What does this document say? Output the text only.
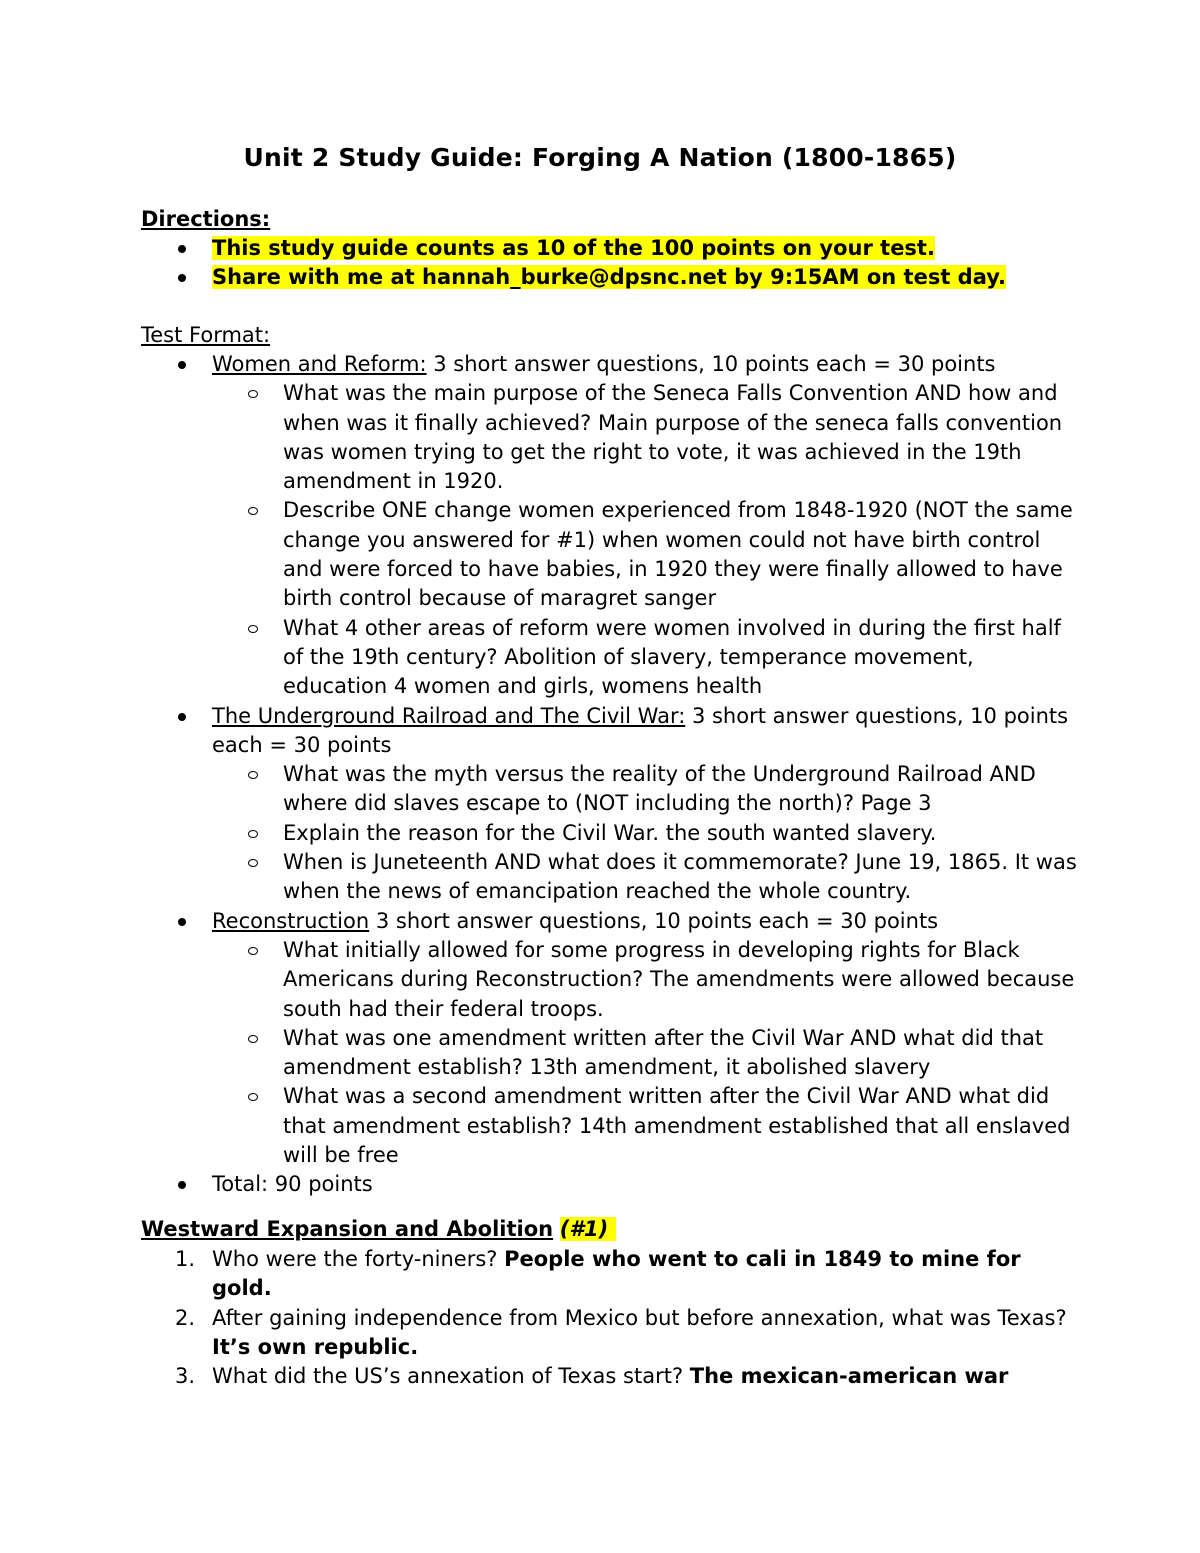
Unit 2 Study Guide: Forging A Nation (1800-1865)
Directions:
This study guide counts as 10 of the 100 points on your test.
Share with me at hannah_burke@dpsnc.net by 9:15AM on test day.
Test Format:
Women and Reform: 3 short answer questions, 10 points each = 30 points
What was the main purpose of the Seneca Falls Convention AND how and when was it finally achieved? Main purpose of the seneca falls convention was women trying to get the right to vote, it was achieved in the 19th amendment in 1920.
Describe ONE change women experienced from 1848-1920 (NOT the same change you answered for #1) when women could not have birth control and were forced to have babies, in 1920 they were finally allowed to have birth control because of maragret sanger
What 4 other areas of reform were women involved in during the first half of the 19th century? Abolition of slavery, temperance movement, education 4 women and girls, womens health
The Underground Railroad and The Civil War: 3 short answer questions, 10 points each = 30 points
What was the myth versus the reality of the Underground Railroad AND where did slaves escape to (NOT including the north)? Page 3
Explain the reason for the Civil War. the south wanted slavery.
When is Juneteenth AND what does it commemorate? June 19, 1865. It was when the news of emancipation reached the whole country.
Reconstruction 3 short answer questions, 10 points each = 30 points
What initially allowed for some progress in developing rights for Black Americans during Reconstruction? The amendments were allowed because south had their federal troops.
What was one amendment written after the Civil War AND what did that amendment establish? 13th amendment, it abolished slavery
What was a second amendment written after the Civil War AND what did that amendment establish? 14th amendment established that all enslaved will be free
Total: 90 points
Westward Expansion and Abolition (#1)
1. Who were the forty-niners? People who went to cali in 1849 to mine for gold.
2. After gaining independence from Mexico but before annexation, what was Texas? It’s own republic.
3. What did the US’s annexation of Texas start? The mexican-american war
